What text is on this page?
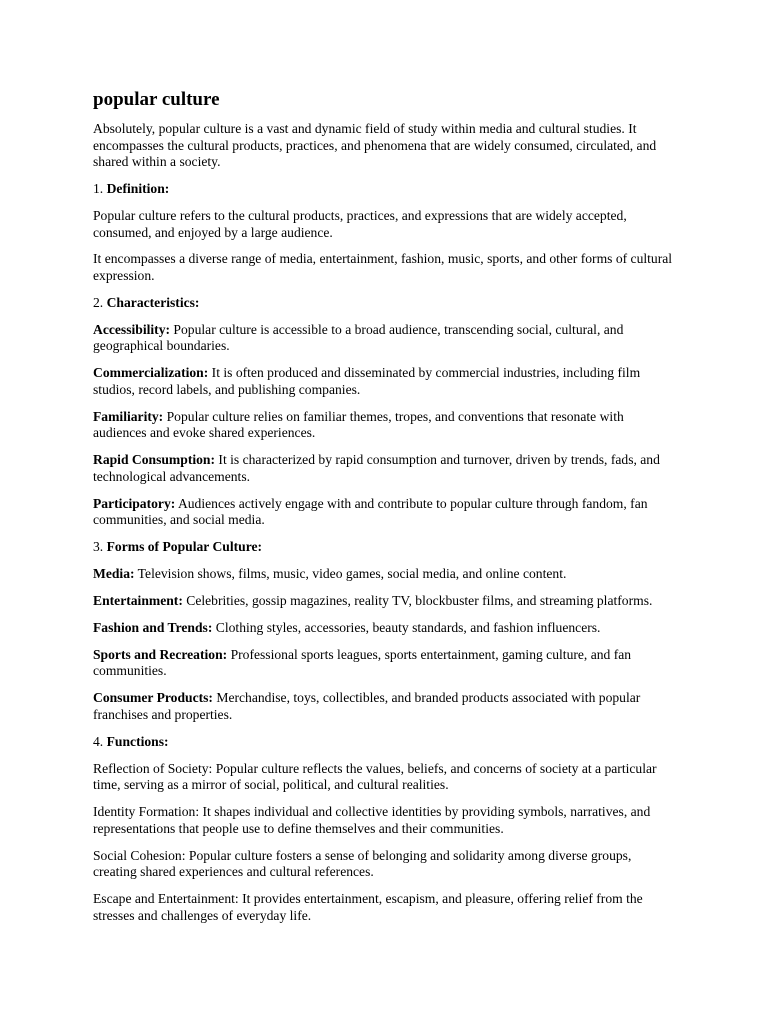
popular culture

Absolutely, popular culture is a vast and dynamic field of study within media and cultural studies. It encompasses the cultural products, practices, and phenomena that are widely consumed, circulated, and shared within a society.

1. Definition:

Popular culture refers to the cultural products, practices, and expressions that are widely accepted, consumed, and enjoyed by a large audience.

It encompasses a diverse range of media, entertainment, fashion, music, sports, and other forms of cultural expression.

2. Characteristics:

Accessibility: Popular culture is accessible to a broad audience, transcending social, cultural, and geographical boundaries.

Commercialization: It is often produced and disseminated by commercial industries, including film studios, record labels, and publishing companies.

Familiarity: Popular culture relies on familiar themes, tropes, and conventions that resonate with audiences and evoke shared experiences.

Rapid Consumption: It is characterized by rapid consumption and turnover, driven by trends, fads, and technological advancements.

Participatory: Audiences actively engage with and contribute to popular culture through fandom, fan communities, and social media.

3. Forms of Popular Culture:

Media: Television shows, films, music, video games, social media, and online content.

Entertainment: Celebrities, gossip magazines, reality TV, blockbuster films, and streaming platforms.

Fashion and Trends: Clothing styles, accessories, beauty standards, and fashion influencers.

Sports and Recreation: Professional sports leagues, sports entertainment, gaming culture, and fan communities.

Consumer Products: Merchandise, toys, collectibles, and branded products associated with popular franchises and properties.

4. Functions:

Reflection of Society: Popular culture reflects the values, beliefs, and concerns of society at a particular time, serving as a mirror of social, political, and cultural realities.

Identity Formation: It shapes individual and collective identities by providing symbols, narratives, and representations that people use to define themselves and their communities.

Social Cohesion: Popular culture fosters a sense of belonging and solidarity among diverse groups, creating shared experiences and cultural references.

Escape and Entertainment: It provides entertainment, escapism, and pleasure, offering relief from the stresses and challenges of everyday life.
